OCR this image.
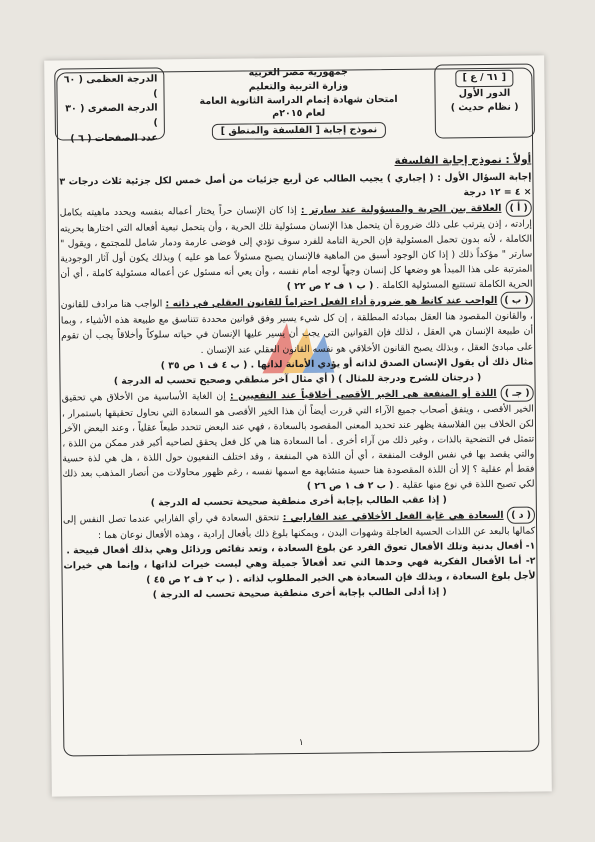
[ ٦١ / ع ]
الدور الأول
( نظام حديث )
جمهورية مصر العربية
وزارة التربية والتعليم
امتحان شهادة إتمام الدراسة الثانوية العامة
لعام ٢٠١٥م
نموذج إجابة [ الفلسفة والمنطق ]
الدرجة العظمى ( ٦٠ )
الدرجة الصغرى ( ٣٠ )
عدد الصفحات ( ٦ )
أولاً : نموذج إجابة الفلسفة
إجابة السؤال الأول : ( إجباري ) يجيب الطالب عن أربع جزئيات من أصل خمس لكل جزئية ثلاث درجات ٣ × ٤ = ١٢ درجة

( أ ) العلاقة بين الحرية والمسؤولية عند سارتر : إذا كان الإنسان حراً يختار أعماله بنفسه ويحدد ماهيته بكامل إرادته ، إذن يترتب على ذلك ضرورة أن يتحمل هذا الإنسان مسئولية تلك الحرية ، وأن يتحمل تبعية أفعاله التي اختارها بحريته الكاملة ، لأنه بدون تحمل المسئولية فإن الحرية التامة للفرد سوف تؤدي إلى فوضى عارمة ودمار شامل للمجتمع ، ويقول " سارتر " مؤكداً ذلك ( إذا كان الوجود أسبق من الماهية فالإنسان يصبح مسئولاً عما هو عليه ) وبذلك يكون أول آثار الوجودية المترتبة على هذا المبدأ هو وضعها كل إنسان وجهاً لوجه أمام نفسه ، وأن يعي أنه مسئول عن أعماله مسئولية كاملة ، أي أن الحرية الكاملة تستتبع المسئولية الكاملة . ( ب ١ ف ٢ ص ٢٢ )

( ب ) الواجب عند كانط هو ضرورة أداء الفعل احتراماً للقانون العقلي في ذاته : الواجب هنا مرادف للقانون ، والقانون المقصود هنا العقل بمبادئه المطلقة ، إن كل شيء يسير وفق قوانين محددة تتناسق مع طبيعة هذه الأشياء ، وبما أن طبيعة الإنسان هي العقل ، لذلك فإن القوانين التي يجب أن يسير عليها الإنسان في حياته سلوكاً وأخلاقاً يجب أن تقوم على مبادئ العقل ، وبذلك يصبح القانون الأخلاقي هو نفسه القانون العقلي عند الإنسان .

مثال ذلك أن يقول الإنسان الصدق لذاته أو يؤدي الأمانة لذاتها . ( ب ٤ ف ١ ص ٣٥ )
( درجتان للشرح ودرجة للمثال ) ( أي مثال آخر منطقي وصحيح تحسب له الدرجة )

( جـ ) اللذة أو المنفعة هي الخير الأقصى أخلاقياً عند النفعيين : إن الغاية الأساسية من الأخلاق هي تحقيق الخير الأقصى ، ويتفق أصحاب جميع الآراء التي قررت أيضاً أن هذا الخير الأقصى هو السعادة التي نحاول تحقيقها باستمرار ، لكن الخلاف بين الفلاسفة يظهر عند تحديد المعنى المقصود بالسعادة ، فهي عند البعض تتحدد طبعاً عقلياً ، وعند البعض الآخر تتمثل في التضحية بالذات ، وغير ذلك من آراء أخرى . أما السعادة هنا هي كل فعل يحقق لصاحبه أكبر قدر ممكن من اللذة ، والتي يقصد بها في نفس الوقت المنفعة ، أي أن اللذة هي المنفعة ، وقد اختلف النفعيون حول اللذة ، هل هي لذة حسية فقط أم عقلية ؟ إلا أن اللذة المقصودة هنا حسية متشابهة مع اسمها نفسه ، رغم ظهور محاولات من أنصار المذهب بعد ذلك لكي تصبح اللذة في نوع منها عقلية . ( ب ٢ ف ١ ص ٢٦ )

( إذا عقب الطالب بإجابة أخرى منطقية صحيحة تحسب له الدرجة )

( د ) السعادة هي غاية الفعل الأخلاقي عند الفارابي : تتحقق السعادة في رأي الفارابي عندما تصل النفس إلى كمالها بالبعد عن اللذات الحسية العاجلة وشهوات البدن ، ويمكنها بلوغ ذلك بأفعال إرادية ، وهذه الأفعال نوعان هما :

١- أفعال بدنية وتلك الأفعال تعوق الفرد عن بلوغ السعادة ، وتعد نقائص ورذائل وهي بذلك أفعال قبيحة .
٢- أما الأفعال الفكرية فهي وحدها التي تعد أفعالاً جميلة وهي ليست خيرات لذاتها ، وإنما هي خيرات لأجل بلوغ السعادة ، وبذلك فإن السعادة هي الخير المطلوب لذاته . ( ب ٢ ف ٢ ص ٤٥ )
( إذا أدلى الطالب بإجابة أخرى منطقية صحيحة تحسب له الدرجة )
١
